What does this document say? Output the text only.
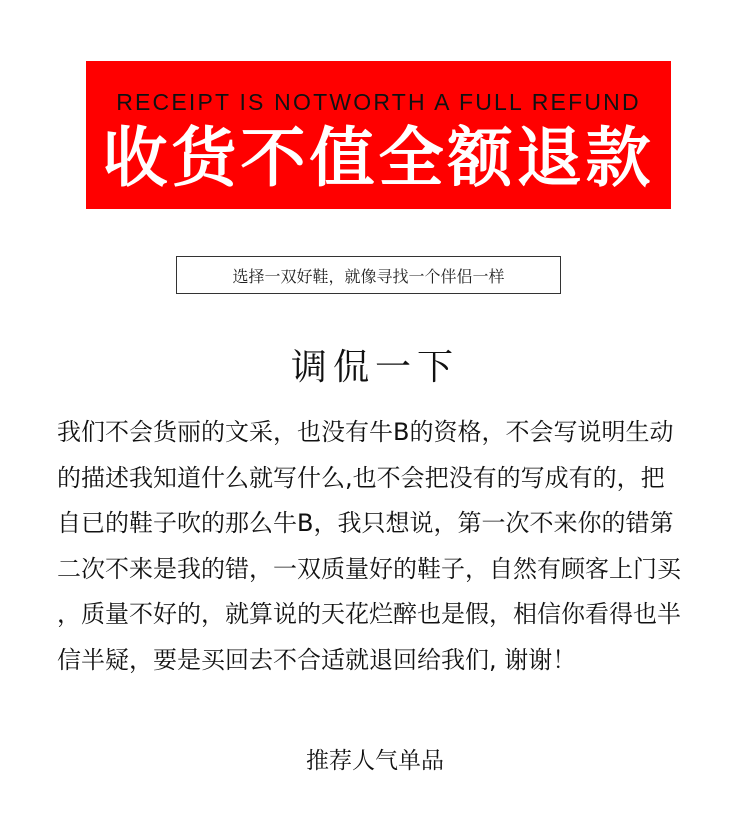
RECEIPT IS NOTWORTH A FULL REFUND
收货不值全额退款
选择一双好鞋，就像寻找一个伴侣一样
调侃一下
我们不会货丽的文采，也没有牛B的资格，不会写说明生动
的描述我知道什么就写什么,也不会把没有的写成有的，把
自已的鞋子吹的那么牛B，我只想说，第一次不来你的错第
二次不来是我的错，一双质量好的鞋子，自然有顾客上门买
，质量不好的，就算说的天花烂醉也是假，相信你看得也半
信半疑，要是买回去不合适就退回给我们, 谢谢！
推荐人气单品
